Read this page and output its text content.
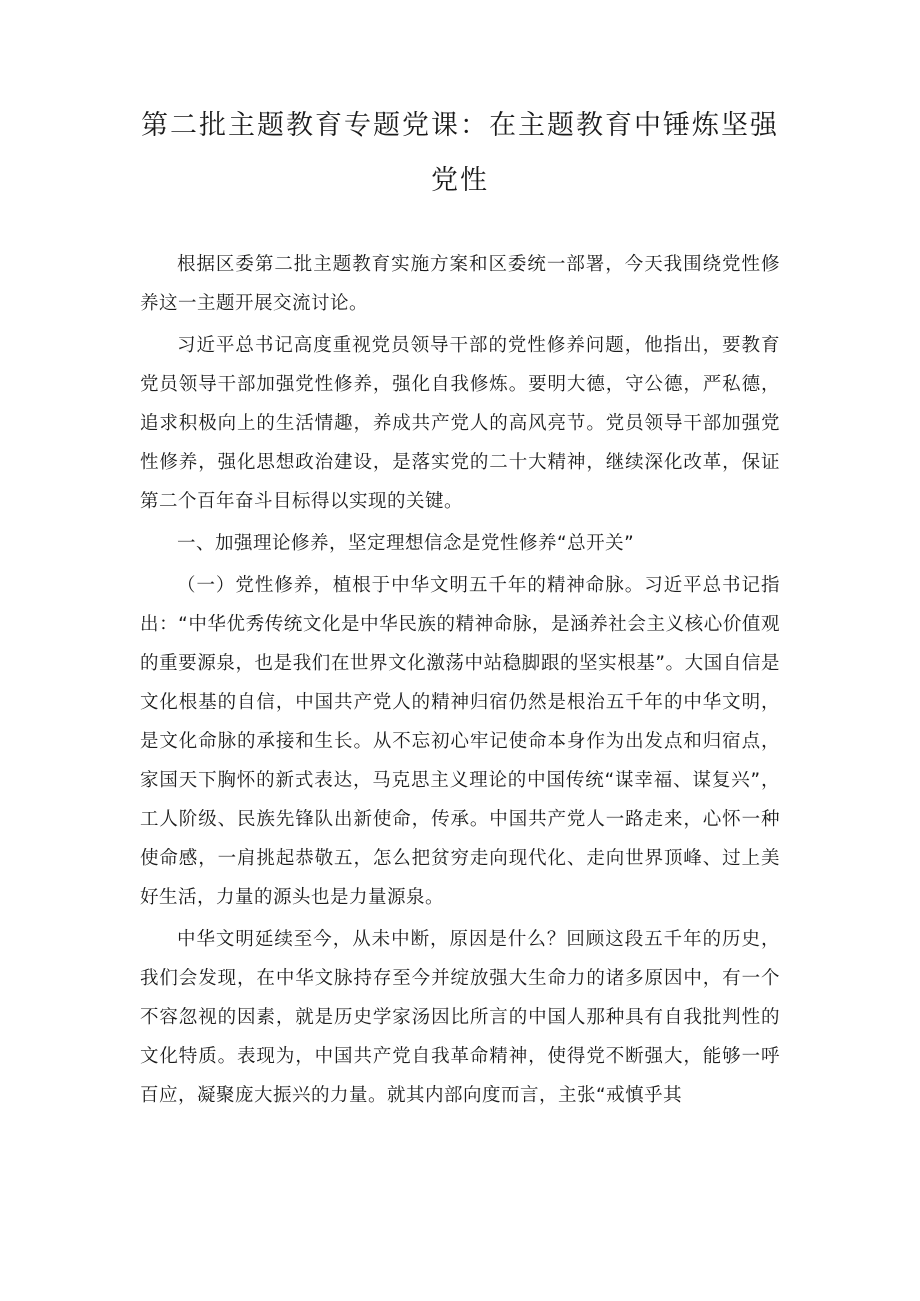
第二批主题教育专题党课：在主题教育中锤炼坚强党性

根据区委第二批主题教育实施方案和区委统一部署，今天我围绕党性修养这一主题开展交流讨论。

习近平总书记高度重视党员领导干部的党性修养问题，他指出，要教育党员领导干部加强党性修养，强化自我修炼。要明大德，守公德，严私德，追求积极向上的生活情趣，养成共产党人的高风亮节。党员领导干部加强党性修养，强化思想政治建设，是落实党的二十大精神，继续深化改革，保证第二个百年奋斗目标得以实现的关键。

一、加强理论修养，坚定理想信念是党性修养“总开关”

（一）党性修养，植根于中华文明五千年的精神命脉。习近平总书记指出：“中华优秀传统文化是中华民族的精神命脉，是涵养社会主义核心价值观的重要源泉，也是我们在世界文化激荡中站稳脚跟的坚实根基”。大国自信是文化根基的自信，中国共产党人的精神归宿仍然是根治五千年的中华文明，是文化命脉的承接和生长。从不忘初心牢记使命本身作为出发点和归宿点，家国天下胸怀的新式表达，马克思主义理论的中国传统“谋幸福、谋复兴”，工人阶级、民族先锋队出新使命，传承。中国共产党人一路走来，心怀一种使命感，一肩挑起恭敬五，怎么把贫穷走向现代化、走向世界顶峰、过上美好生活，力量的源头也是力量源泉。

中华文明延续至今，从未中断，原因是什么？回顾这段五千年的历史，我们会发现，在中华文脉持存至今并绽放强大生命力的诸多原因中，有一个不容忽视的因素，就是历史学家汤因比所言的中国人那种具有自我批判性的文化特质。表现为，中国共产党自我革命精神，使得党不断强大，能够一呼百应，凝聚庞大振兴的力量。就其内部向度而言，主张“戒慎乎其
